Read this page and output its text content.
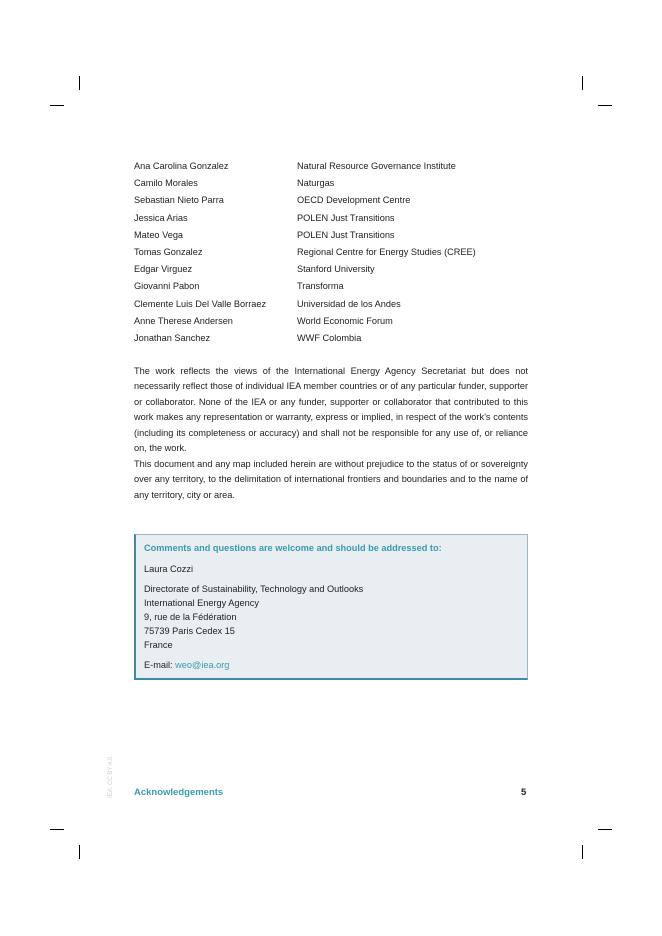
Ana Carolina Gonzalez	Natural Resource Governance Institute
Camilo Morales	Naturgas
Sebastian Nieto Parra	OECD Development Centre
Jessica Arias	POLEN Just Transitions
Mateo Vega	POLEN Just Transitions
Tomas Gonzalez	Regional Centre for Energy Studies (CREE)
Edgar Virguez	Stanford University
Giovanni Pabon	Transforma
Clemente Luis Del Valle Borraez	Universidad de los Andes
Anne Therese Andersen	World Economic Forum
Jonathan Sanchez	WWF Colombia

The work reflects the views of the International Energy Agency Secretariat but does not necessarily reflect those of individual IEA member countries or of any particular funder, supporter or collaborator. None of the IEA or any funder, supporter or collaborator that contributed to this work makes any representation or warranty, express or implied, in respect of the work’s contents (including its completeness or accuracy) and shall not be responsible for any use of, or reliance on, the work.

This document and any map included herein are without prejudice to the status of or sovereignty over any territory, to the delimitation of international frontiers and boundaries and to the name of any territory, city or area.

Comments and questions are welcome and should be addressed to:
Laura Cozzi
Directorate of Sustainability, Technology and Outlooks
International Energy Agency
9, rue de la Fédération
75739 Paris Cedex 15
France
E-mail: weo@iea.org
IEA. CC BY 4.0. Acknowledgements	5
